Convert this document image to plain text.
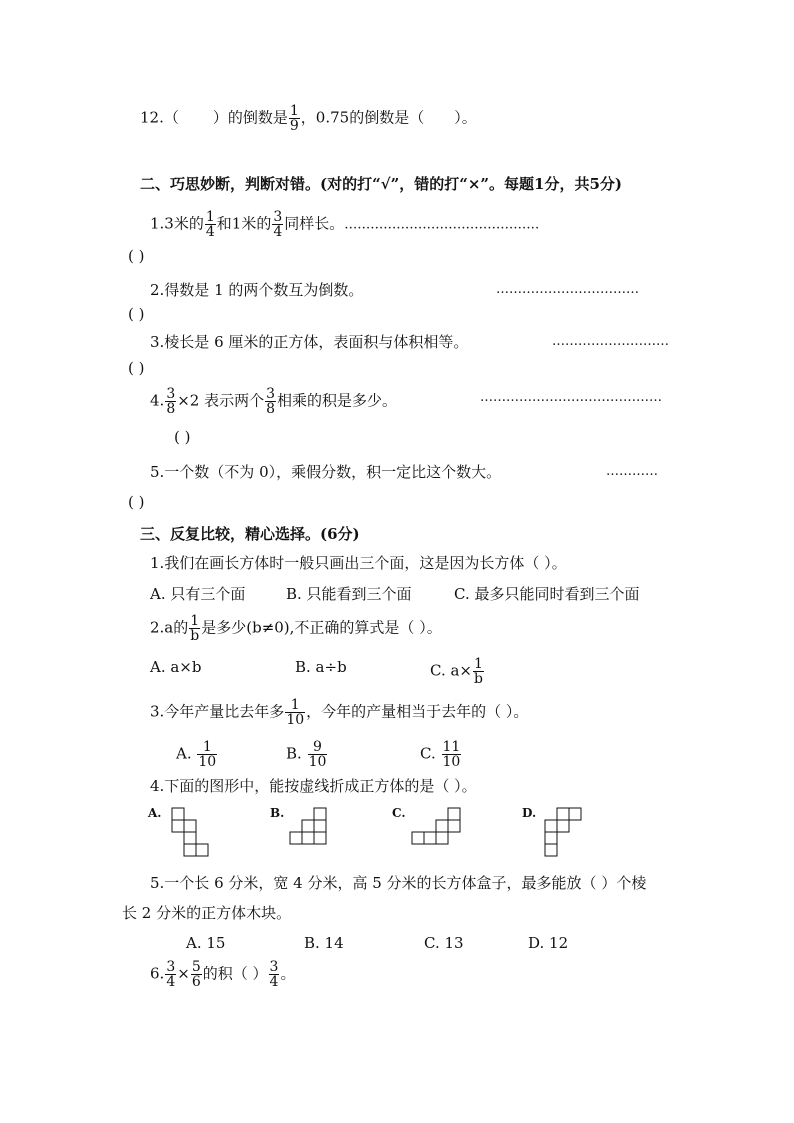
12.（ ）的倒数是 $\frac{1}{9}$ ，0.75的倒数是（ ）。
二、巧思妙断，判断对错。(对的打“√”，错的打“×”。每题1分，共5分)
1.3米的 $\frac{1}{4}$ 和1米的 $\frac{3}{4}$ 同样长。………………………………………
( )
2.得数是 1 的两个数互为倒数。	……………………………
( )
3.棱长是 6 厘米的正方体，表面积与体积相等。	………………………
( )
4. $\frac{3}{8} \times 2$ 表示两个 $\frac{3}{8}$ 相乘的积是多少。	……………………………………
( )
5.一个数（不为 0），乘假分数，积一定比这个数大。	…………
( )
三、反复比较，精心选择。(6分)
1.我们在画长方体时一般只画出三个面，这是因为长方体（ ）。
A. 只有三个面	B. 只能看到三个面	C. 最多只能同时看到三个面
2.a的 $\frac{1}{b}$ 是多少(b≠0),不正确的算式是（ ）。
A. a×b	B. a÷b	C. $a\times \frac{1}{b}$
3.今年产量比去年多 $\frac{1}{10}$ ，今年的产量相当于去年的（ ）。
A. $\frac{1}{10}$	B. $\frac{9}{10}$	C. $\frac{11}{10}$
4.下面的图形中，能按虚线折成正方体的是（ ）。
A.	B.	C.	D.
5.一个长 6 分米，宽 4 分米，高 5 分米的长方体盒子，最多能放（ ）个棱
长 2 分米的正方体木块。
A. 15	B. 14	C. 13	D. 12
6. $\frac{3}{4} \times \frac{5}{6}$ 的积（ ） $\frac{3}{4}$ 。
